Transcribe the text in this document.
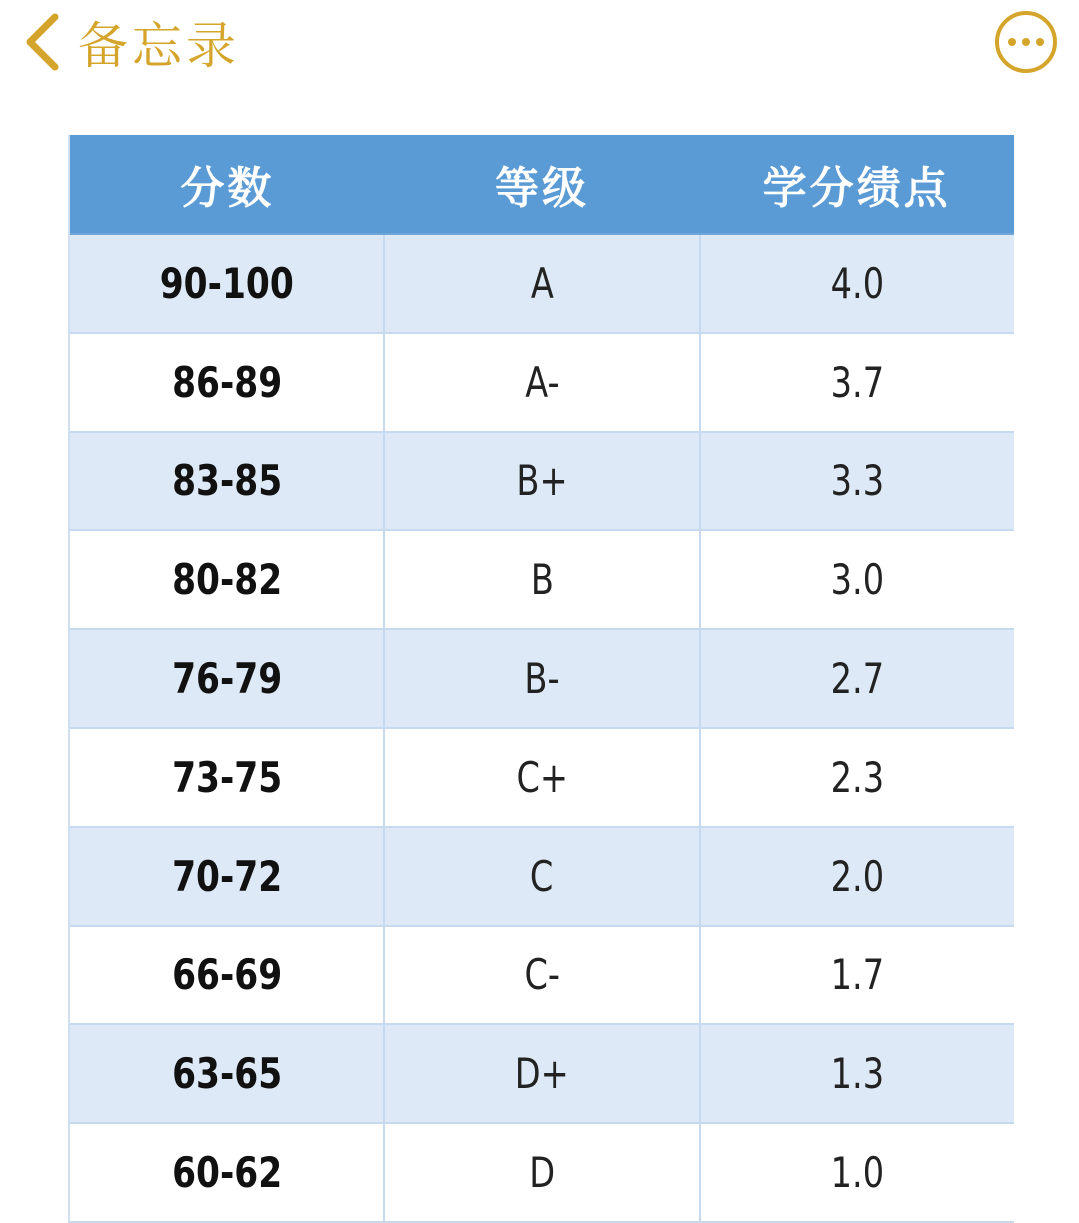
备忘录
分数	等级	学分绩点
90-100	A	4.0
86-89	A-	3.7
83-85	B+	3.3
80-82	B	3.0
76-79	B-	2.7
73-75	C+	2.3
70-72	C	2.0
66-69	C-	1.7
63-65	D+	1.3
60-62	D	1.0
